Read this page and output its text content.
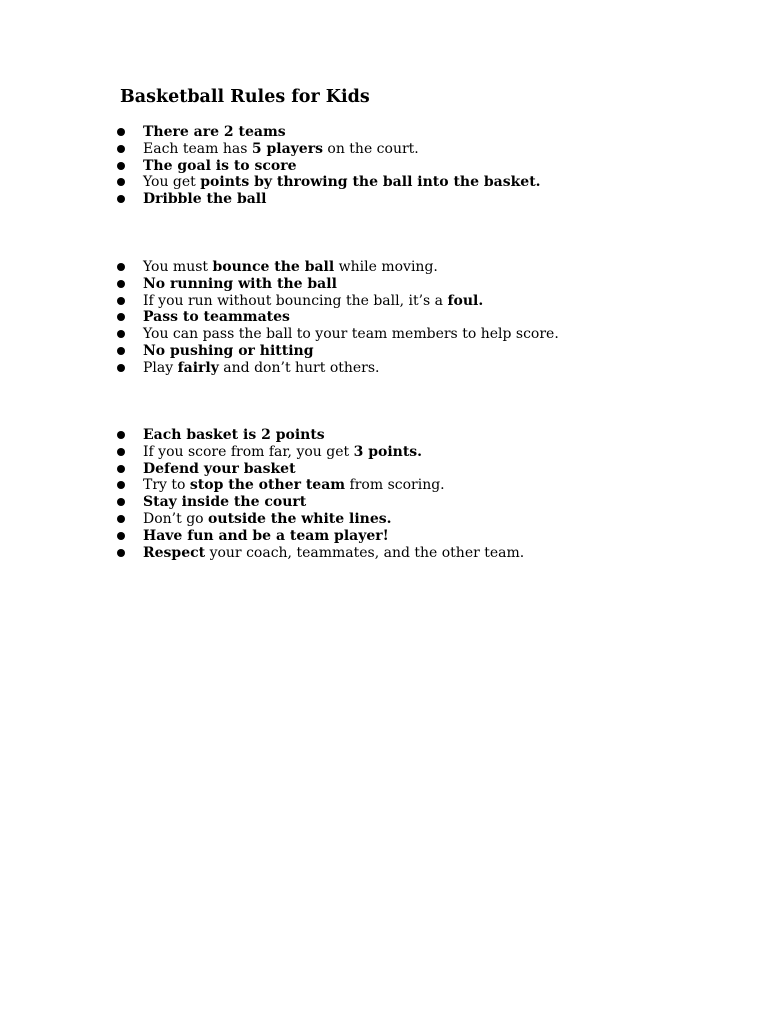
Basketball Rules for Kids
There are 2 teams
Each team has 5 players on the court.
The goal is to score
You get points by throwing the ball into the basket.
Dribble the ball
You must bounce the ball while moving.
No running with the ball
If you run without bouncing the ball, it’s a foul.
Pass to teammates
You can pass the ball to your team members to help score.
No pushing or hitting
Play fairly and don’t hurt others.
Each basket is 2 points
If you score from far, you get 3 points.
Defend your basket
Try to stop the other team from scoring.
Stay inside the court
Don’t go outside the white lines.
Have fun and be a team player!
Respect your coach, teammates, and the other team.
